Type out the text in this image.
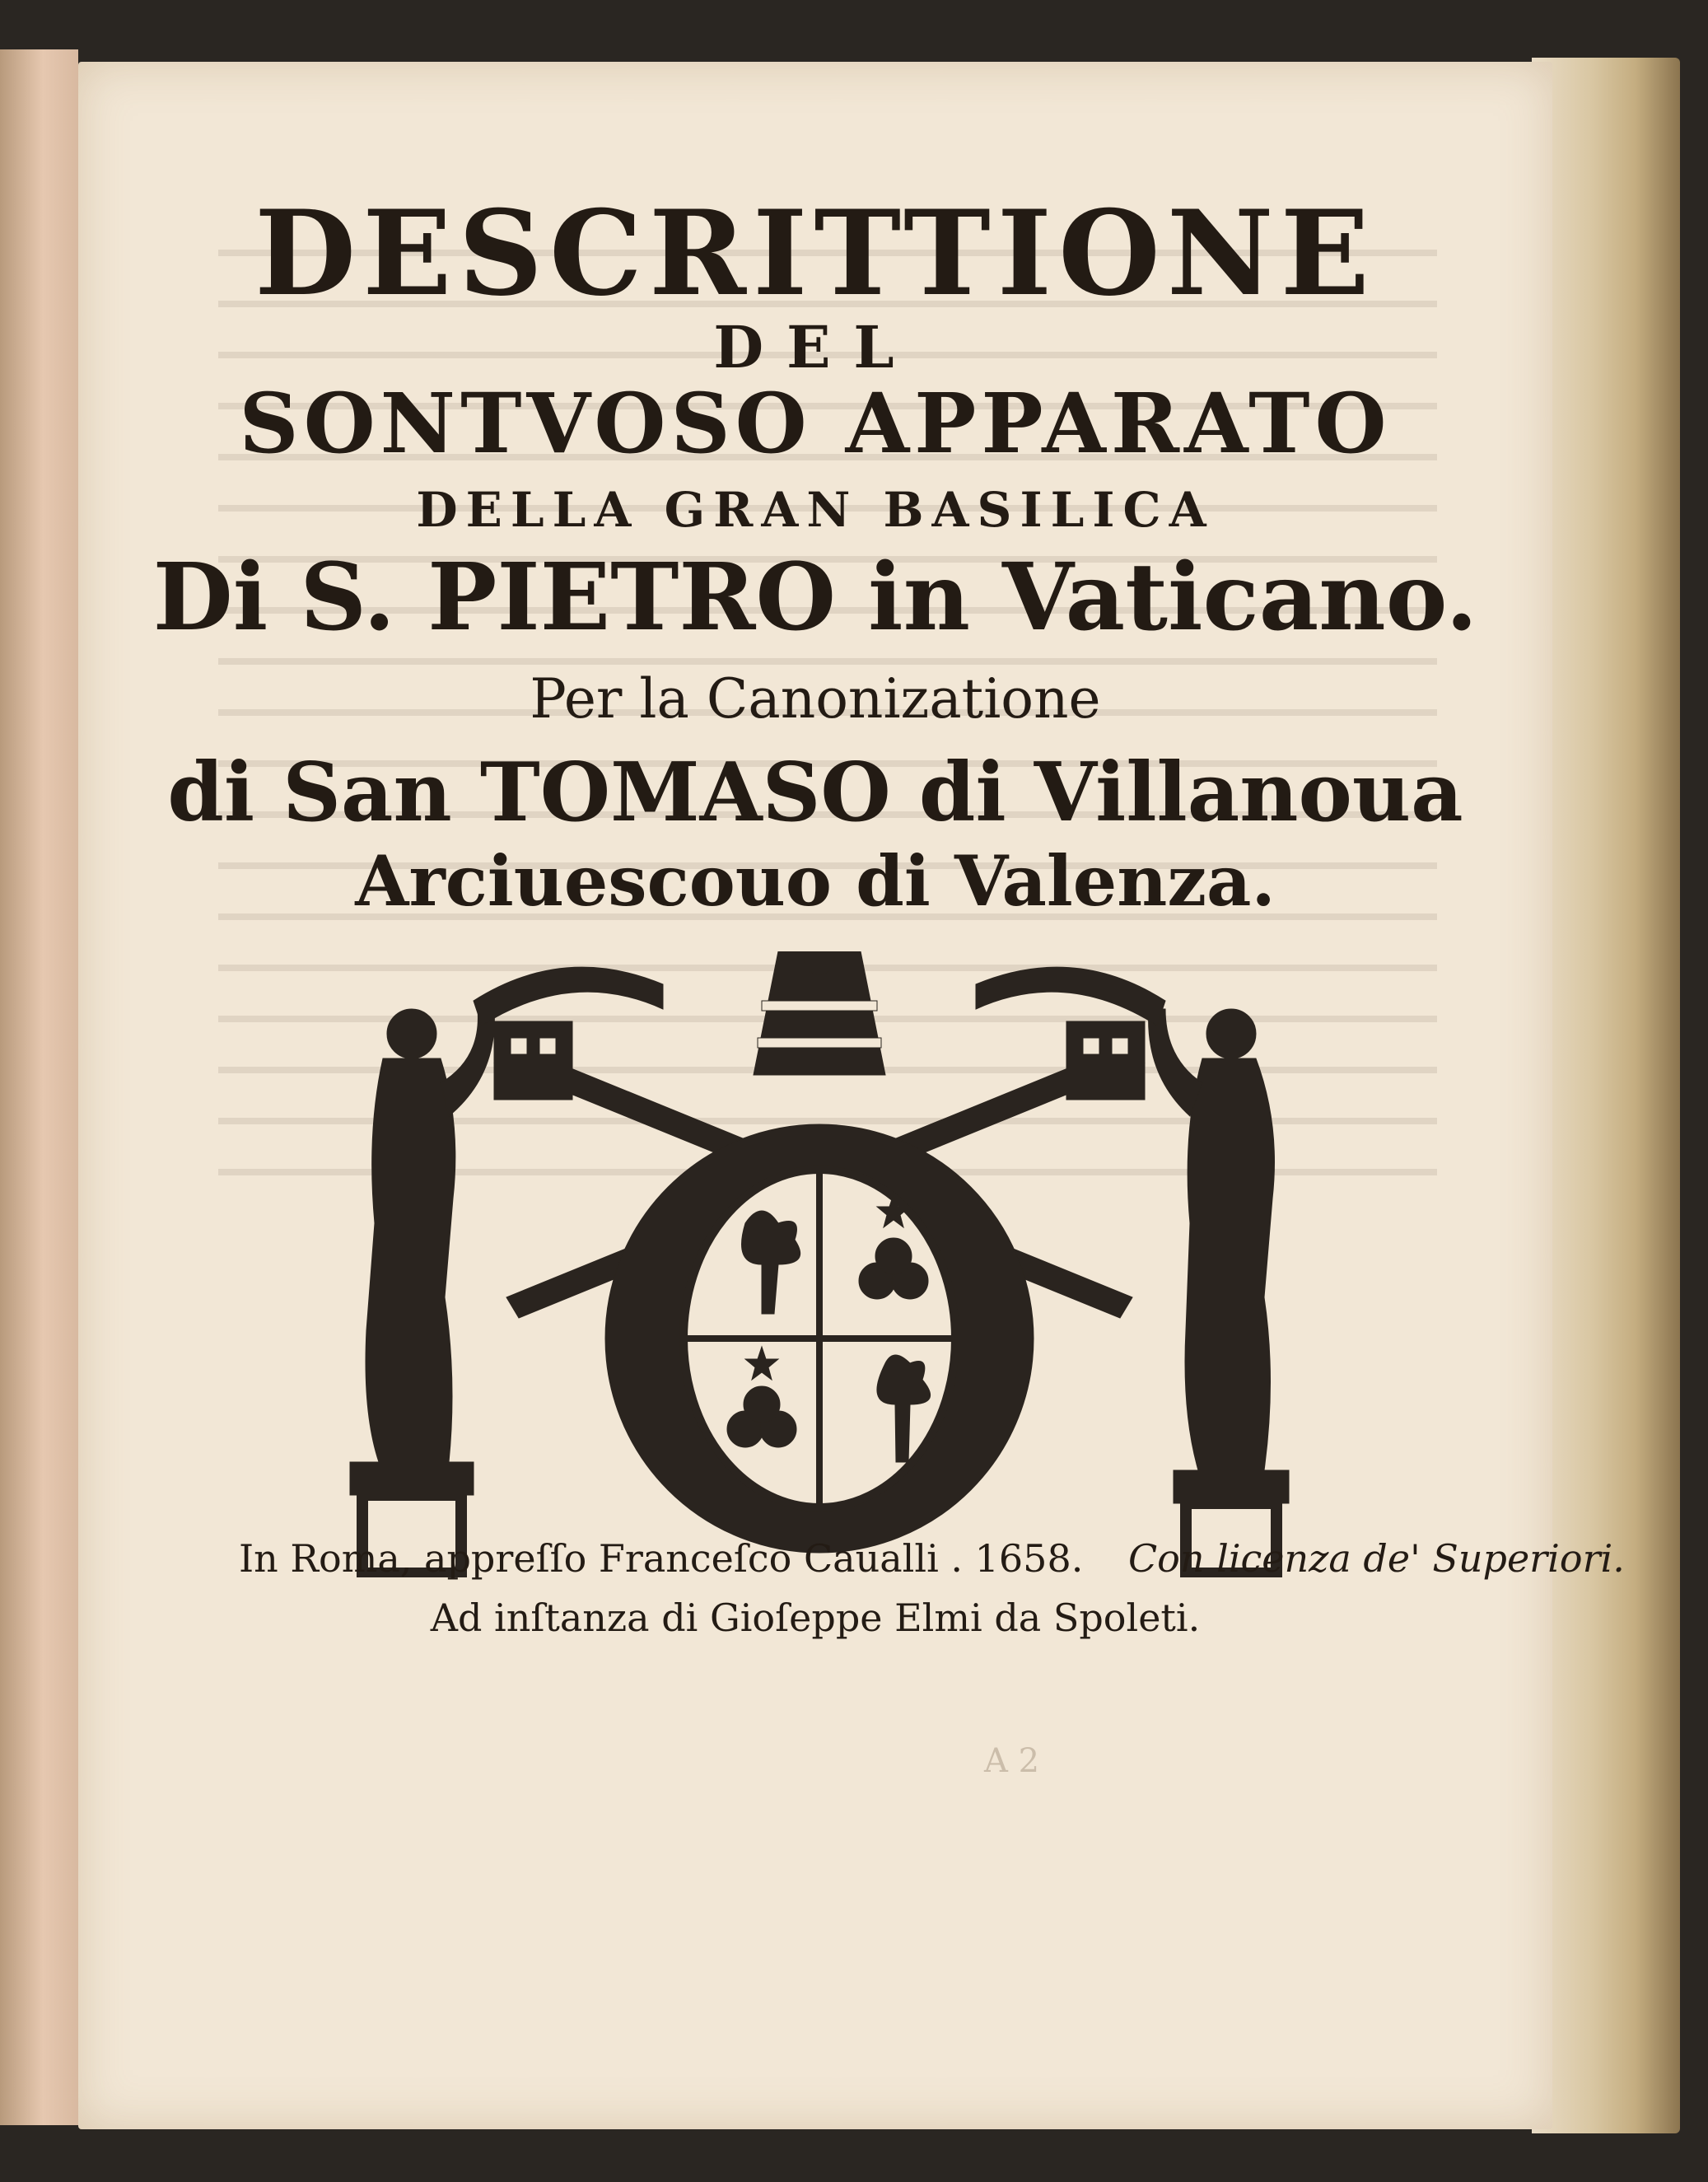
DESCRITTIONE
DEL
SONTVOSO APPARATO
DELLA GRAN BASILICA
Di S. PIETRO in Vaticano.
Per la Canonizatione
di San TOMASO di Villanoua
Arciuescouo di Valenza.
In Roma, appreſſo Franceſco Caualli . 1658. Con licenza de' Superiori.
Ad inſtanza di Gioſeppe Elmi da Spoleti.
A 2
